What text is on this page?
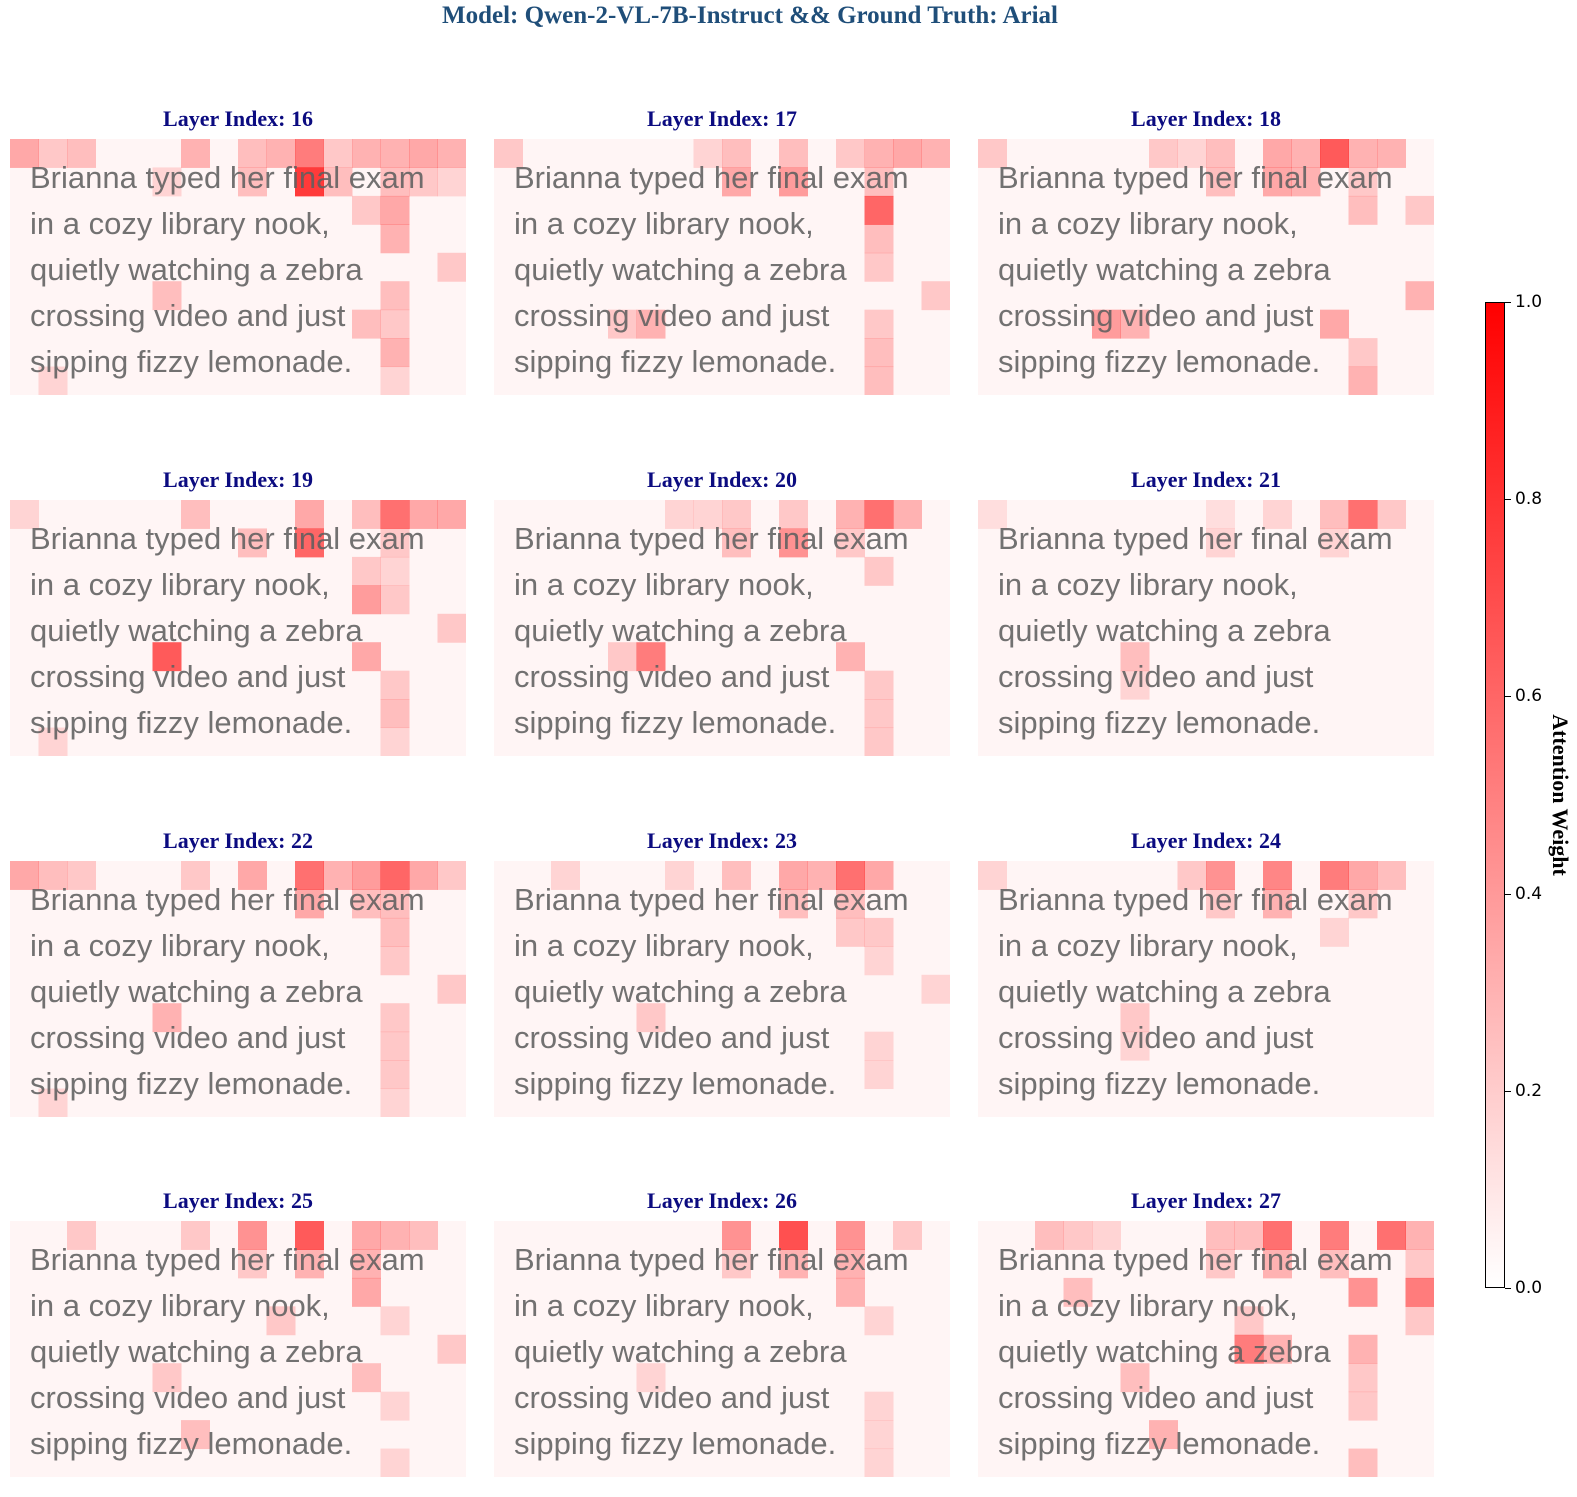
Model: Qwen-2-VL-7B-Instruct && Ground Truth: Arial
Layer Index: 16
Brianna typed her final exam
in a cozy library nook,
quietly watching a zebra
crossing video and just
sipping fizzy lemonade.
Layer Index: 17
Brianna typed her final exam
in a cozy library nook,
quietly watching a zebra
crossing video and just
sipping fizzy lemonade.
Layer Index: 18
Brianna typed her final exam
in a cozy library nook,
quietly watching a zebra
crossing video and just
sipping fizzy lemonade.
Layer Index: 19
Brianna typed her final exam
in a cozy library nook,
quietly watching a zebra
crossing video and just
sipping fizzy lemonade.
Layer Index: 20
Brianna typed her final exam
in a cozy library nook,
quietly watching a zebra
crossing video and just
sipping fizzy lemonade.
Layer Index: 21
Brianna typed her final exam
in a cozy library nook,
quietly watching a zebra
crossing video and just
sipping fizzy lemonade.
Layer Index: 22
Brianna typed her final exam
in a cozy library nook,
quietly watching a zebra
crossing video and just
sipping fizzy lemonade.
Layer Index: 23
Brianna typed her final exam
in a cozy library nook,
quietly watching a zebra
crossing video and just
sipping fizzy lemonade.
Layer Index: 24
Brianna typed her final exam
in a cozy library nook,
quietly watching a zebra
crossing video and just
sipping fizzy lemonade.
Layer Index: 25
Brianna typed her final exam
in a cozy library nook,
quietly watching a zebra
crossing video and just
sipping fizzy lemonade.
Layer Index: 26
Brianna typed her final exam
in a cozy library nook,
quietly watching a zebra
crossing video and just
sipping fizzy lemonade.
Layer Index: 27
Brianna typed her final exam
in a cozy library nook,
quietly watching a zebra
crossing video and just
sipping fizzy lemonade.
0.0
0.2
0.4
0.6
0.8
1.0
Attention Weight
